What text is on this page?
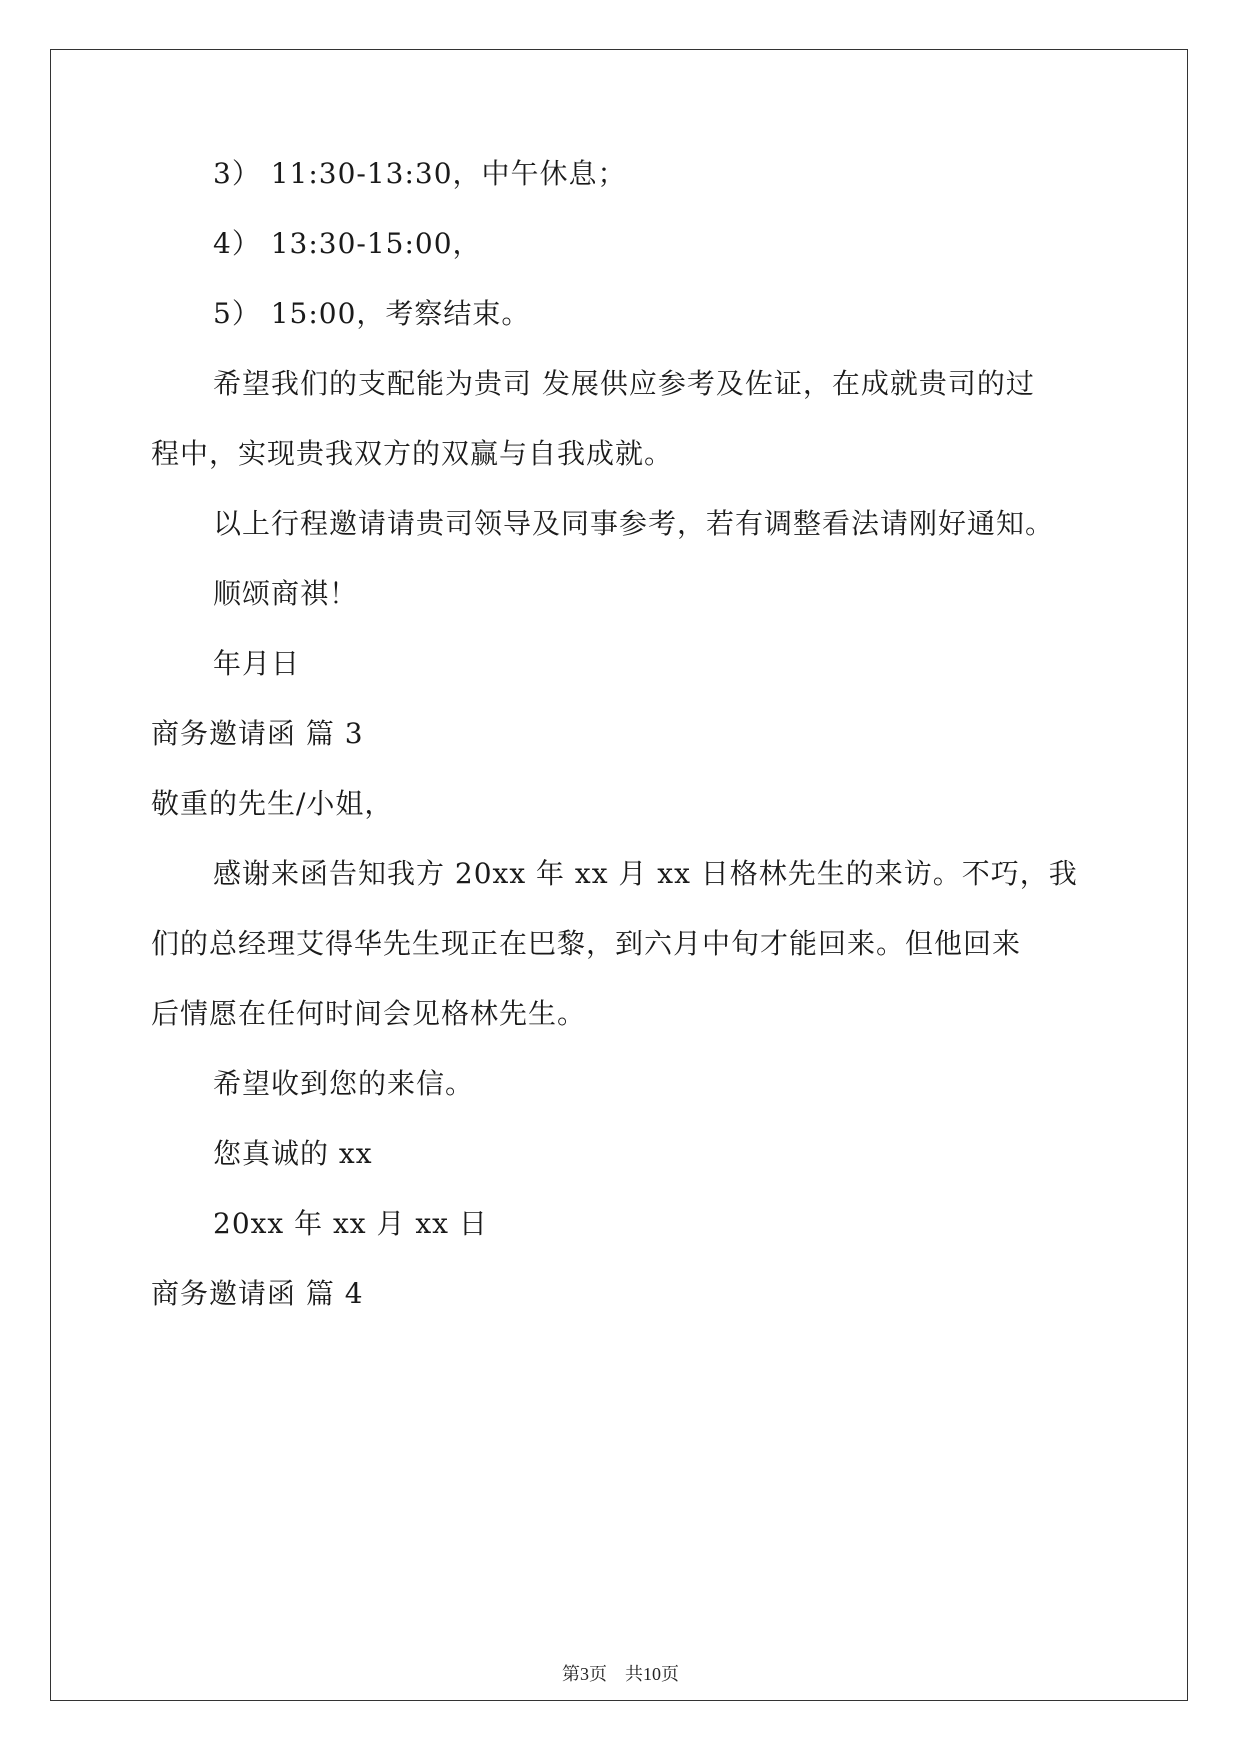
3） 11:30-13:30，中午休息；
4） 13:30-15:00，
5） 15:00，考察结束。
希望我们的支配能为贵司 发展供应参考及佐证，在成就贵司的过
程中，实现贵我双方的双赢与自我成就。
以上行程邀请请贵司领导及同事参考，若有调整看法请刚好通知。
顺颂商祺！
年月日
商务邀请函 篇 3
敬重的先生/小姐，
感谢来函告知我方 20xx 年 xx 月 xx 日格林先生的来访。不巧，我
们的总经理艾得华先生现正在巴黎，到六月中旬才能回来。但他回来
后情愿在任何时间会见格林先生。
希望收到您的来信。
您真诚的 xx
20xx 年 xx 月 xx 日
商务邀请函 篇 4
第3页 共10页
